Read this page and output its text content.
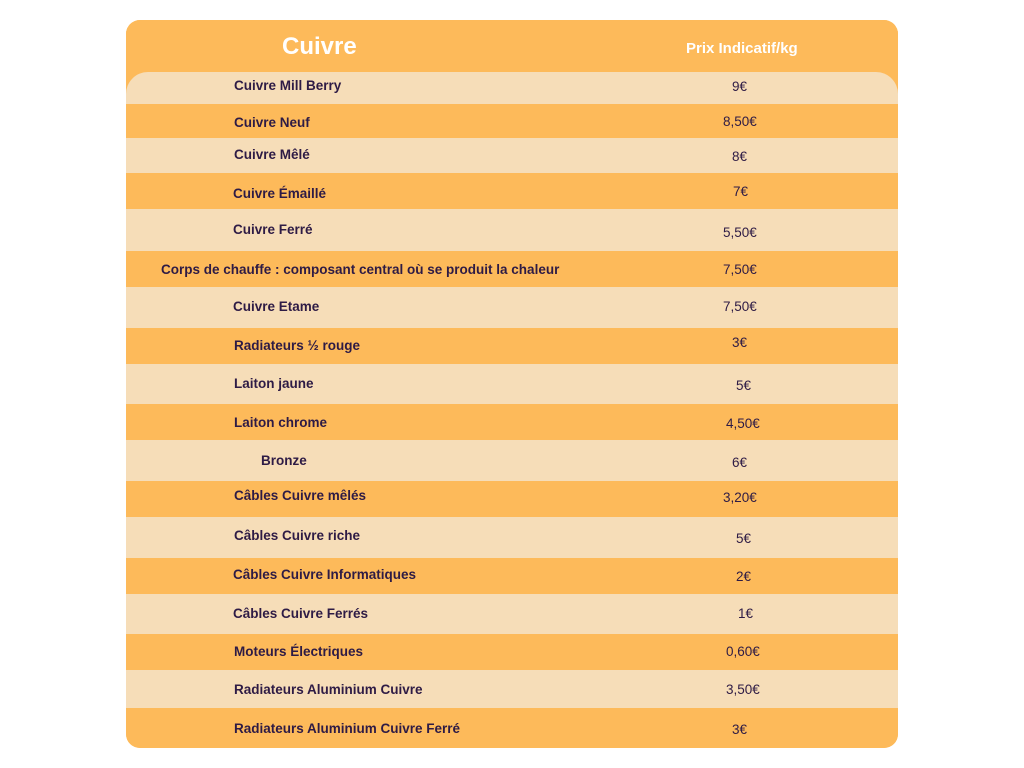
Cuivre	Prix Indicatif/kg
Cuivre Mill Berry	9€
Cuivre Neuf	8,50€
Cuivre Mêlé	8€
Cuivre Émaillé	7€
Cuivre Ferré	5,50€
Corps de chauffe : composant central où se produit la chaleur	7,50€
Cuivre Etame	7,50€
Radiateurs ½ rouge	3€
Laiton jaune	5€
Laiton chrome	4,50€
Bronze	6€
Câbles Cuivre mêlés	3,20€
Câbles Cuivre riche	5€
Câbles Cuivre Informatiques	2€
Câbles Cuivre Ferrés	1€
Moteurs Électriques	0,60€
Radiateurs Aluminium Cuivre	3,50€
Radiateurs Aluminium Cuivre Ferré	3€
